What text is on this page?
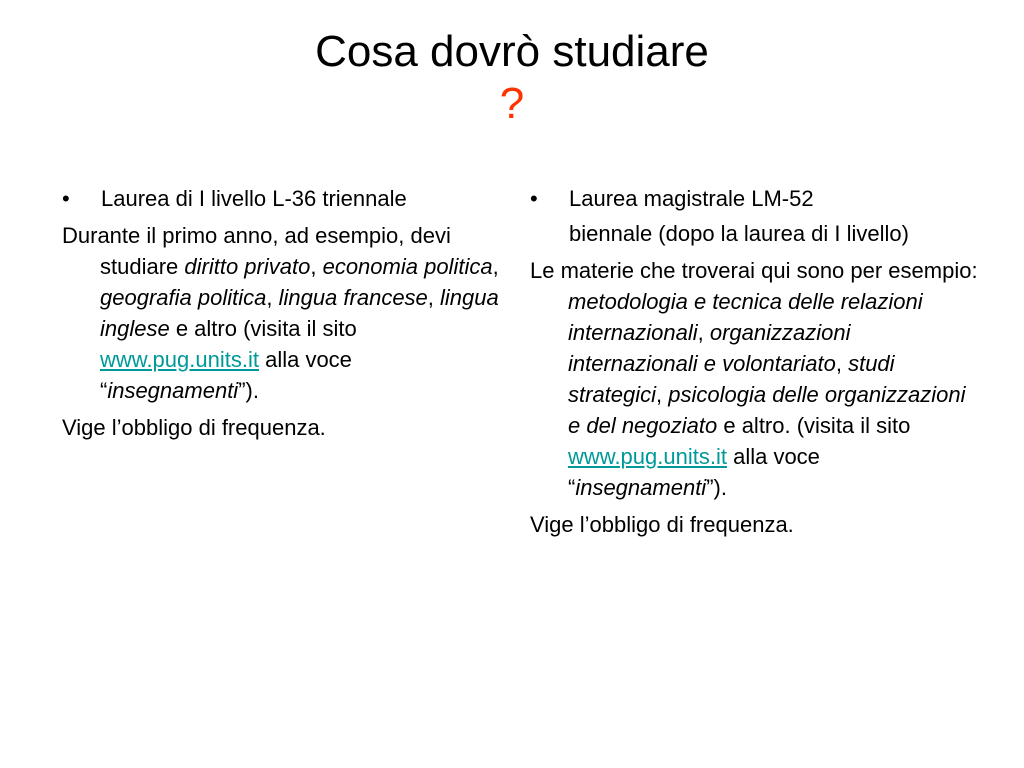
Cosa dovrò studiare
?
• Laurea di I livello L-36 triennale
Durante il primo anno, ad esempio, devi studiare diritto privato, economia politica, geografia politica, lingua francese, lingua inglese e altro (visita il sito www.pug.units.it alla voce “insegnamenti”).
Vige l’obbligo di frequenza.
• Laurea magistrale LM-52
biennale (dopo la laurea di I livello)
Le materie che troverai qui sono per esempio: metodologia e tecnica delle relazioni internazionali, organizzazioni internazionali e volontariato, studi strategici, psicologia delle organizzazioni e del negoziato e altro. (visita il sito www.pug.units.it alla voce “insegnamenti”).
Vige l’obbligo di frequenza.
